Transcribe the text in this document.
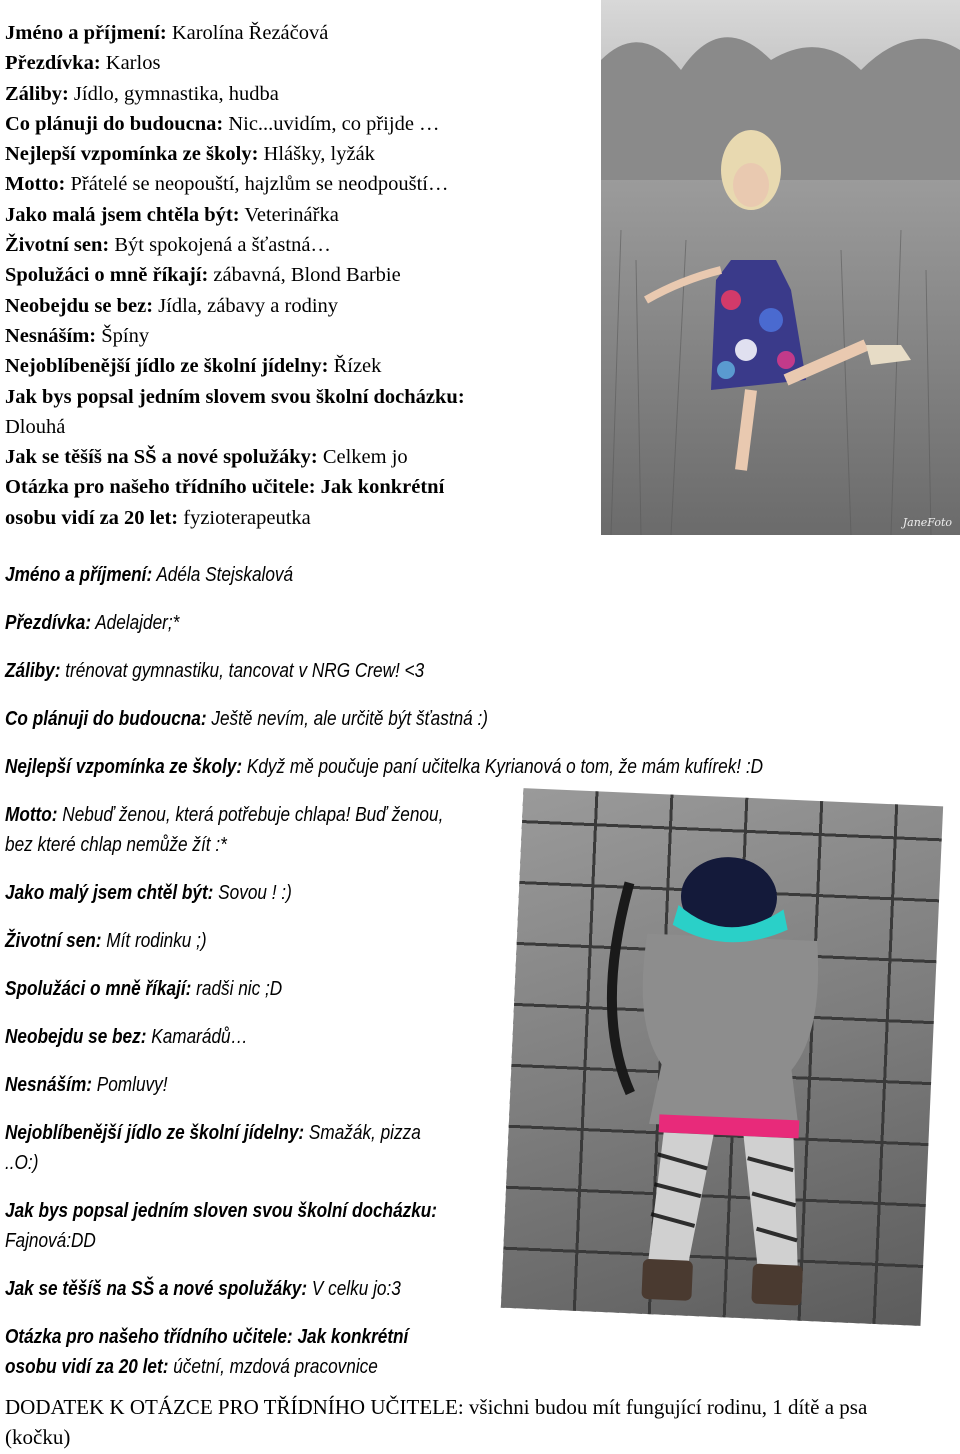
Jméno a příjmení: Karolína Řezáčová
Přezdívka: Karlos
Záliby: Jídlo, gymnastika, hudba
Co plánuji do budoucna: Nic...uvidím, co přijde …
Nejlepší vzpomínka ze školy: Hlášky, lyžák
Motto: Přátelé se neopouští, hajzlům se neodpouští…
Jako malá jsem chtěla být: Veterinářka
Životní sen: Být spokojená a šťastná…
Spolužáci o mně říkají: zábavná, Blond Barbie
Neobejdu se bez: Jídla, zábavy a rodiny
Nesnáším: Špíny
Nejoblíbenější jídlo ze školní jídelny: Řízek
Jak bys popsal jedním slovem svou školní docházku:
Dlouhá
Jak se těšíš na SŠ a nové spolužáky: Celkem jo
Otázka pro našeho třídního učitele: Jak konkrétní
osobu vidí za 20 let: fyzioterapeutka	JaneFoto
Jméno a příjmení: Adéla Stejskalová
Přezdívka: Adelajder;*
Záliby: trénovat gymnastiku, tancovat v NRG Crew! <3
Co plánuji do budoucna: Ještě nevím, ale určitě být šťastná :)
Nejlepší vzpomínka ze školy: Když mě poučuje paní učitelka Kyrianová o tom, že mám kufírek! :D
Motto: Nebuď ženou, která potřebuje chlapa! Buď ženou, bez které chlap nemůže žít :*
Jako malý jsem chtěl být: Sovou ! :)
Životní sen: Mít rodinku ;)
Spolužáci o mně říkají: radši nic ;D
Neobejdu se bez: Kamarádů…
Nesnáším: Pomluvy!
Nejoblíbenější jídlo ze školní jídelny: Smažák, pizza ..O:)
Jak bys popsal jedním sloven svou školní docházku: Fajnová:DD
Jak se těšíš na SŠ a nové spolužáky: V celku jo:3
Otázka pro našeho třídního učitele: Jak konkrétní osobu vidí za 20 let: účetní, mzdová pracovnice
DODATEK K OTÁZCE PRO TŘÍDNÍHO UČITELE: všichni budou mít fungující rodinu, 1 dítě a psa (kočku)
